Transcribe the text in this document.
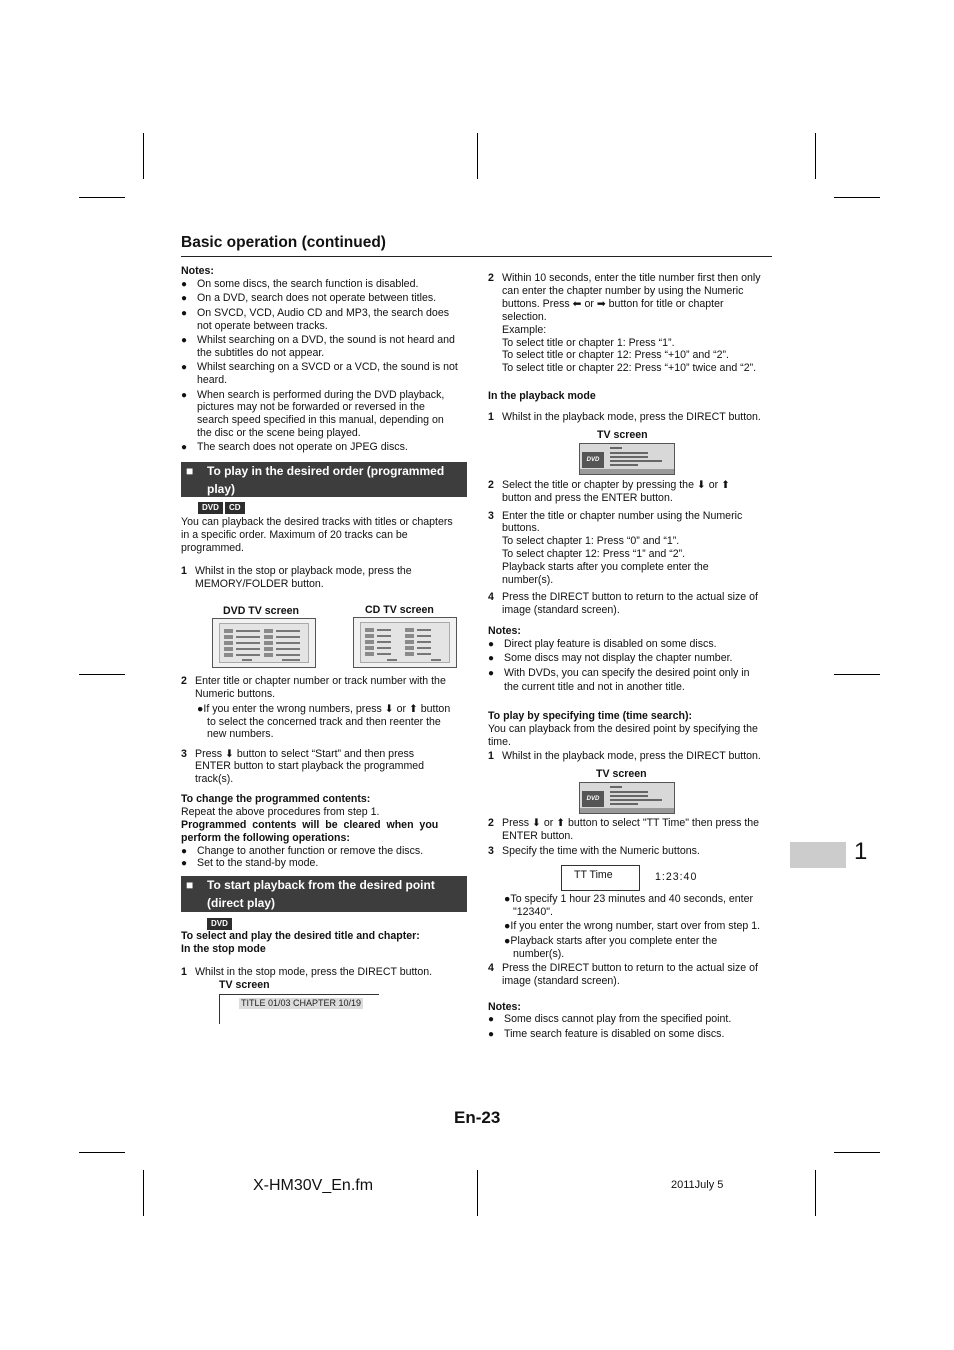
Basic operation (continued)
Notes:
● On some discs, the search function is disabled.
● On a DVD, search does not operate between titles.
● On SVCD, VCD, Audio CD and MP3, the search does
not operate between tracks.
● Whilst searching on a DVD, the sound is not heard and
the subtitles do not appear.
● Whilst searching on a SVCD or a VCD, the sound is not
heard.
● When search is performed during the DVD playback,
pictures may not be forwarded or reversed in the
search speed specified in this manual, depending on
the disc or the scene being played.
● The search does not operate on JPEG discs.
■ To play in the desired order (programmed
play)
DVD	CD
You can playback the desired tracks with titles or chapters
in a specific order. Maximum of 20 tracks can be
programmed.
1 Whilst in the stop or playback mode, press the
MEMORY/FOLDER button.
DVD TV screen	CD TV screen
2 Enter title or chapter number or track number with the
Numeric buttons.
●If you enter the wrong numbers, press ⬇ or ⬆ button
to select the concerned track and then reenter the
new numbers.
3 Press ⬇ button to select “Start” and then press
ENTER button to start playback the programmed
track(s).
To change the programmed contents:
Repeat the above procedures from step 1.
Programmed  contents  will  be  cleared  when  you
perform the following operations:
● Change to another function or remove the discs.
● Set to the stand-by mode.
■ To start playback from the desired point
(direct play)
DVD
To select and play the desired title and chapter:
In the stop mode
1 Whilst in the stop mode, press the DIRECT button.
TV screen
TITLE 01/03 CHAPTER 10/19
2 Within 10 seconds, enter the title number first then only
can enter the chapter number by using the Numeric
buttons. Press ⬅ or ➡ button for title or chapter
selection.
Example:
To select title or chapter 1: Press “1”.
To select title or chapter 12: Press “+10” and “2”.
To select title or chapter 22: Press “+10” twice and “2”.
In the playback mode
1 Whilst in the playback mode, press the DIRECT button.
TV screen
DVD
2 Select the title or chapter by pressing the ⬇ or ⬆
button and press the ENTER button.
3 Enter the title or chapter number using the Numeric
buttons.
To select chapter 1: Press “0” and “1”.
To select chapter 12: Press “1” and “2”.
Playback starts after you complete enter the
number(s).
4 Press the DIRECT button to return to the actual size of
image (standard screen).
Notes:
● Direct play feature is disabled on some discs.
● Some discs may not display the chapter number.
● With DVDs, you can specify the desired point only in
the current title and not in another title.
To play by specifying time (time search):
You can playback from the desired point by specifying the
time.
1 Whilst in the playback mode, press the DIRECT button.
TV screen
DVD
2 Press ⬇ or ⬆ button to select "TT Time" then press the
ENTER button.
3 Specify the time with the Numeric buttons.
TT Time	1:23:40
●To specify 1 hour 23 minutes and 40 seconds, enter
"12340".
●If you enter the wrong number, start over from step 1.
●Playback starts after you complete enter the
number(s).
4 Press the DIRECT button to return to the actual size of
image (standard screen).
Notes:
● Some discs cannot play from the specified point.
● Time search feature is disabled on some discs.
En-23
1
X-HM30V_En.fm	2011July 5
